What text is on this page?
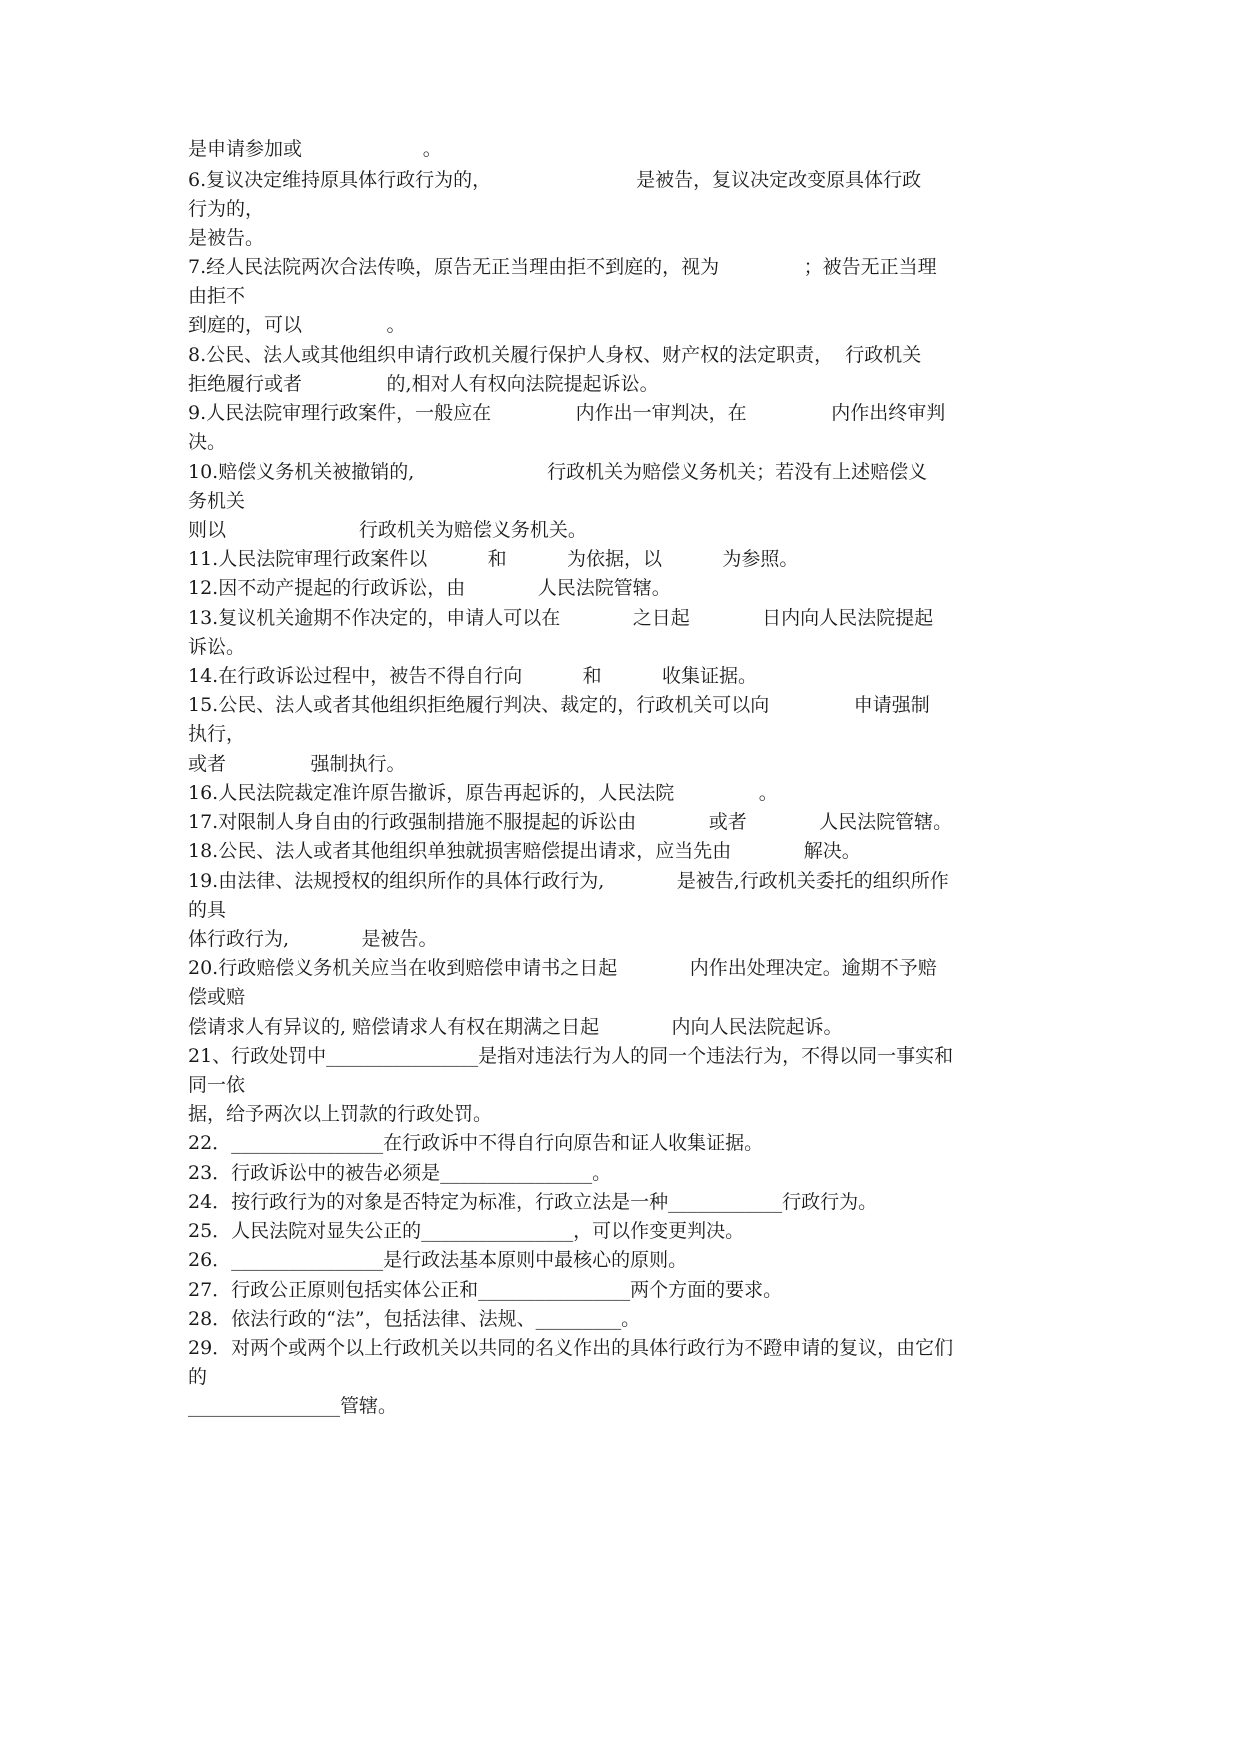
是申请参加或                    。
6.复议决定维持原具体行政行为的，                        是被告，复议决定改变原具体行政
行为的，
是被告。
7.经人民法院两次合法传唤，原告无正当理由拒不到庭的，视为              ；被告无正当理
由拒不
到庭的，可以              。
8.公民、法人或其他组织申请行政机关履行保护人身权、财产权的法定职责，  行政机关
拒绝履行或者              的,相对人有权向法院提起诉讼。
9.人民法院审理行政案件，一般应在              内作出一审判决，在              内作出终审判
决。
10.赔偿义务机关被撤销的,                      行政机关为赔偿义务机关；若没有上述赔偿义
务机关
则以                      行政机关为赔偿义务机关。
11.人民法院审理行政案件以          和          为依据，以          为参照。
12.因不动产提起的行政诉讼，由            人民法院管辖。
13.复议机关逾期不作决定的，申请人可以在            之日起            日内向人民法院提起
诉讼。
14.在行政诉讼过程中，被告不得自行向          和          收集证据。
15.公民、法人或者其他组织拒绝履行判决、裁定的，行政机关可以向              申请强制
执行，
或者              强制执行。
16.人民法院裁定准许原告撤诉，原告再起诉的，人民法院              。
17.对限制人身自由的行政强制措施不服提起的诉讼由            或者            人民法院管辖。
18.公民、法人或者其他组织单独就损害赔偿提出请求，应当先由            解决。
19.由法律、法规授权的组织所作的具体行政行为,            是被告,行政机关委托的组织所作
的具
体行政行为,            是被告。
20.行政赔偿义务机关应当在收到赔偿申请书之日起            内作出处理决定。逾期不予赔
偿或赔
偿请求人有异议的, 赔偿请求人有权在期满之日起            内向人民法院起诉。
21、行政处罚中________________是指对违法行为人的同一个违法行为，不得以同一事实和
同一依
据，给予两次以上罚款的行政处罚。
22．________________在行政诉中不得自行向原告和证人收集证据。
23．行政诉讼中的被告必须是________________。
24．按行政行为的对象是否特定为标准，行政立法是一种____________行政行为。
25．人民法院对显失公正的________________，可以作变更判决。
26．________________是行政法基本原则中最核心的原则。
27．行政公正原则包括实体公正和________________两个方面的要求。
28．依法行政的“法”，包括法律、法规、_________。
29．对两个或两个以上行政机关以共同的名义作出的具体行政行为不蹬申请的复议，由它们
的
________________管辖。
